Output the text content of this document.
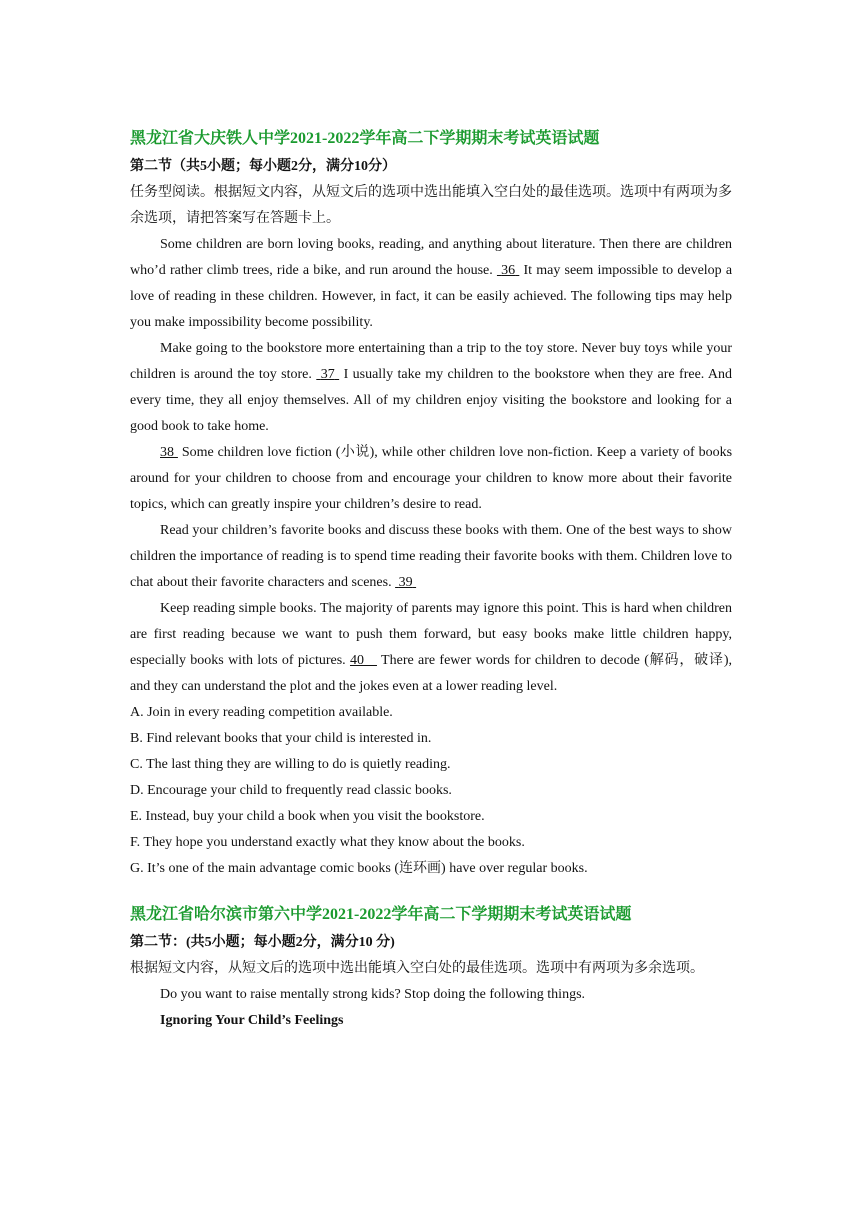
黑龙江省大庆铁人中学2021-2022学年高二下学期期末考试英语试题
第二节（共5小题；每小题2分，满分10分）

任务型阅读。根据短文内容，从短文后的选项中选出能填入空白处的最佳选项。选项中有两项为多余选项，请把答案写在答题卡上。

Some children are born loving books, reading, and anything about literature. Then there are children who’d rather climb trees, ride a bike, and run around the house. 36 It may seem impossible to develop a love of reading in these children. However, in fact, it can be easily achieved. The following tips may help you make impossibility become possibility.

Make going to the bookstore more entertaining than a trip to the toy store. Never buy toys while your children is around the toy store. 37 I usually take my children to the bookstore when they are free. And every time, they all enjoy themselves. All of my children enjoy visiting the bookstore and looking for a good book to take home.

38 Some children love fiction (小说), while other children love non-fiction. Keep a variety of books around for your children to choose from and encourage your children to know more about their favorite topics, which can greatly inspire your children’s desire to read.

Read your children’s favorite books and discuss these books with them. One of the best ways to show children the importance of reading is to spend time reading their favorite books with them. Children love to chat about their favorite characters and scenes. 39

Keep reading simple books. The majority of parents may ignore this point. This is hard when children are first reading because we want to push them forward, but easy books make little children happy, especially books with lots of pictures. 40 There are fewer words for children to decode (解码，破译), and they can understand the plot and the jokes even at a lower reading level.

A. Join in every reading competition available.

B. Find relevant books that your child is interested in.

C. The last thing they are willing to do is quietly reading.

D. Encourage your child to frequently read classic books.

E. Instead, buy your child a book when you visit the bookstore.

F. They hope you understand exactly what they know about the books.

G. It’s one of the main advantage comic books (连环画) have over regular books.

黑龙江省哈尔滨市第六中学2021-2022学年高二下学期期末考试英语试题
第二节：(共5小题；每小题2分，满分10 分)

根据短文内容，从短文后的选项中选出能填入空白处的最佳选项。选项中有两项为多余选项。

Do you want to raise mentally strong kids? Stop doing the following things.

Ignoring Your Child’s Feelings
